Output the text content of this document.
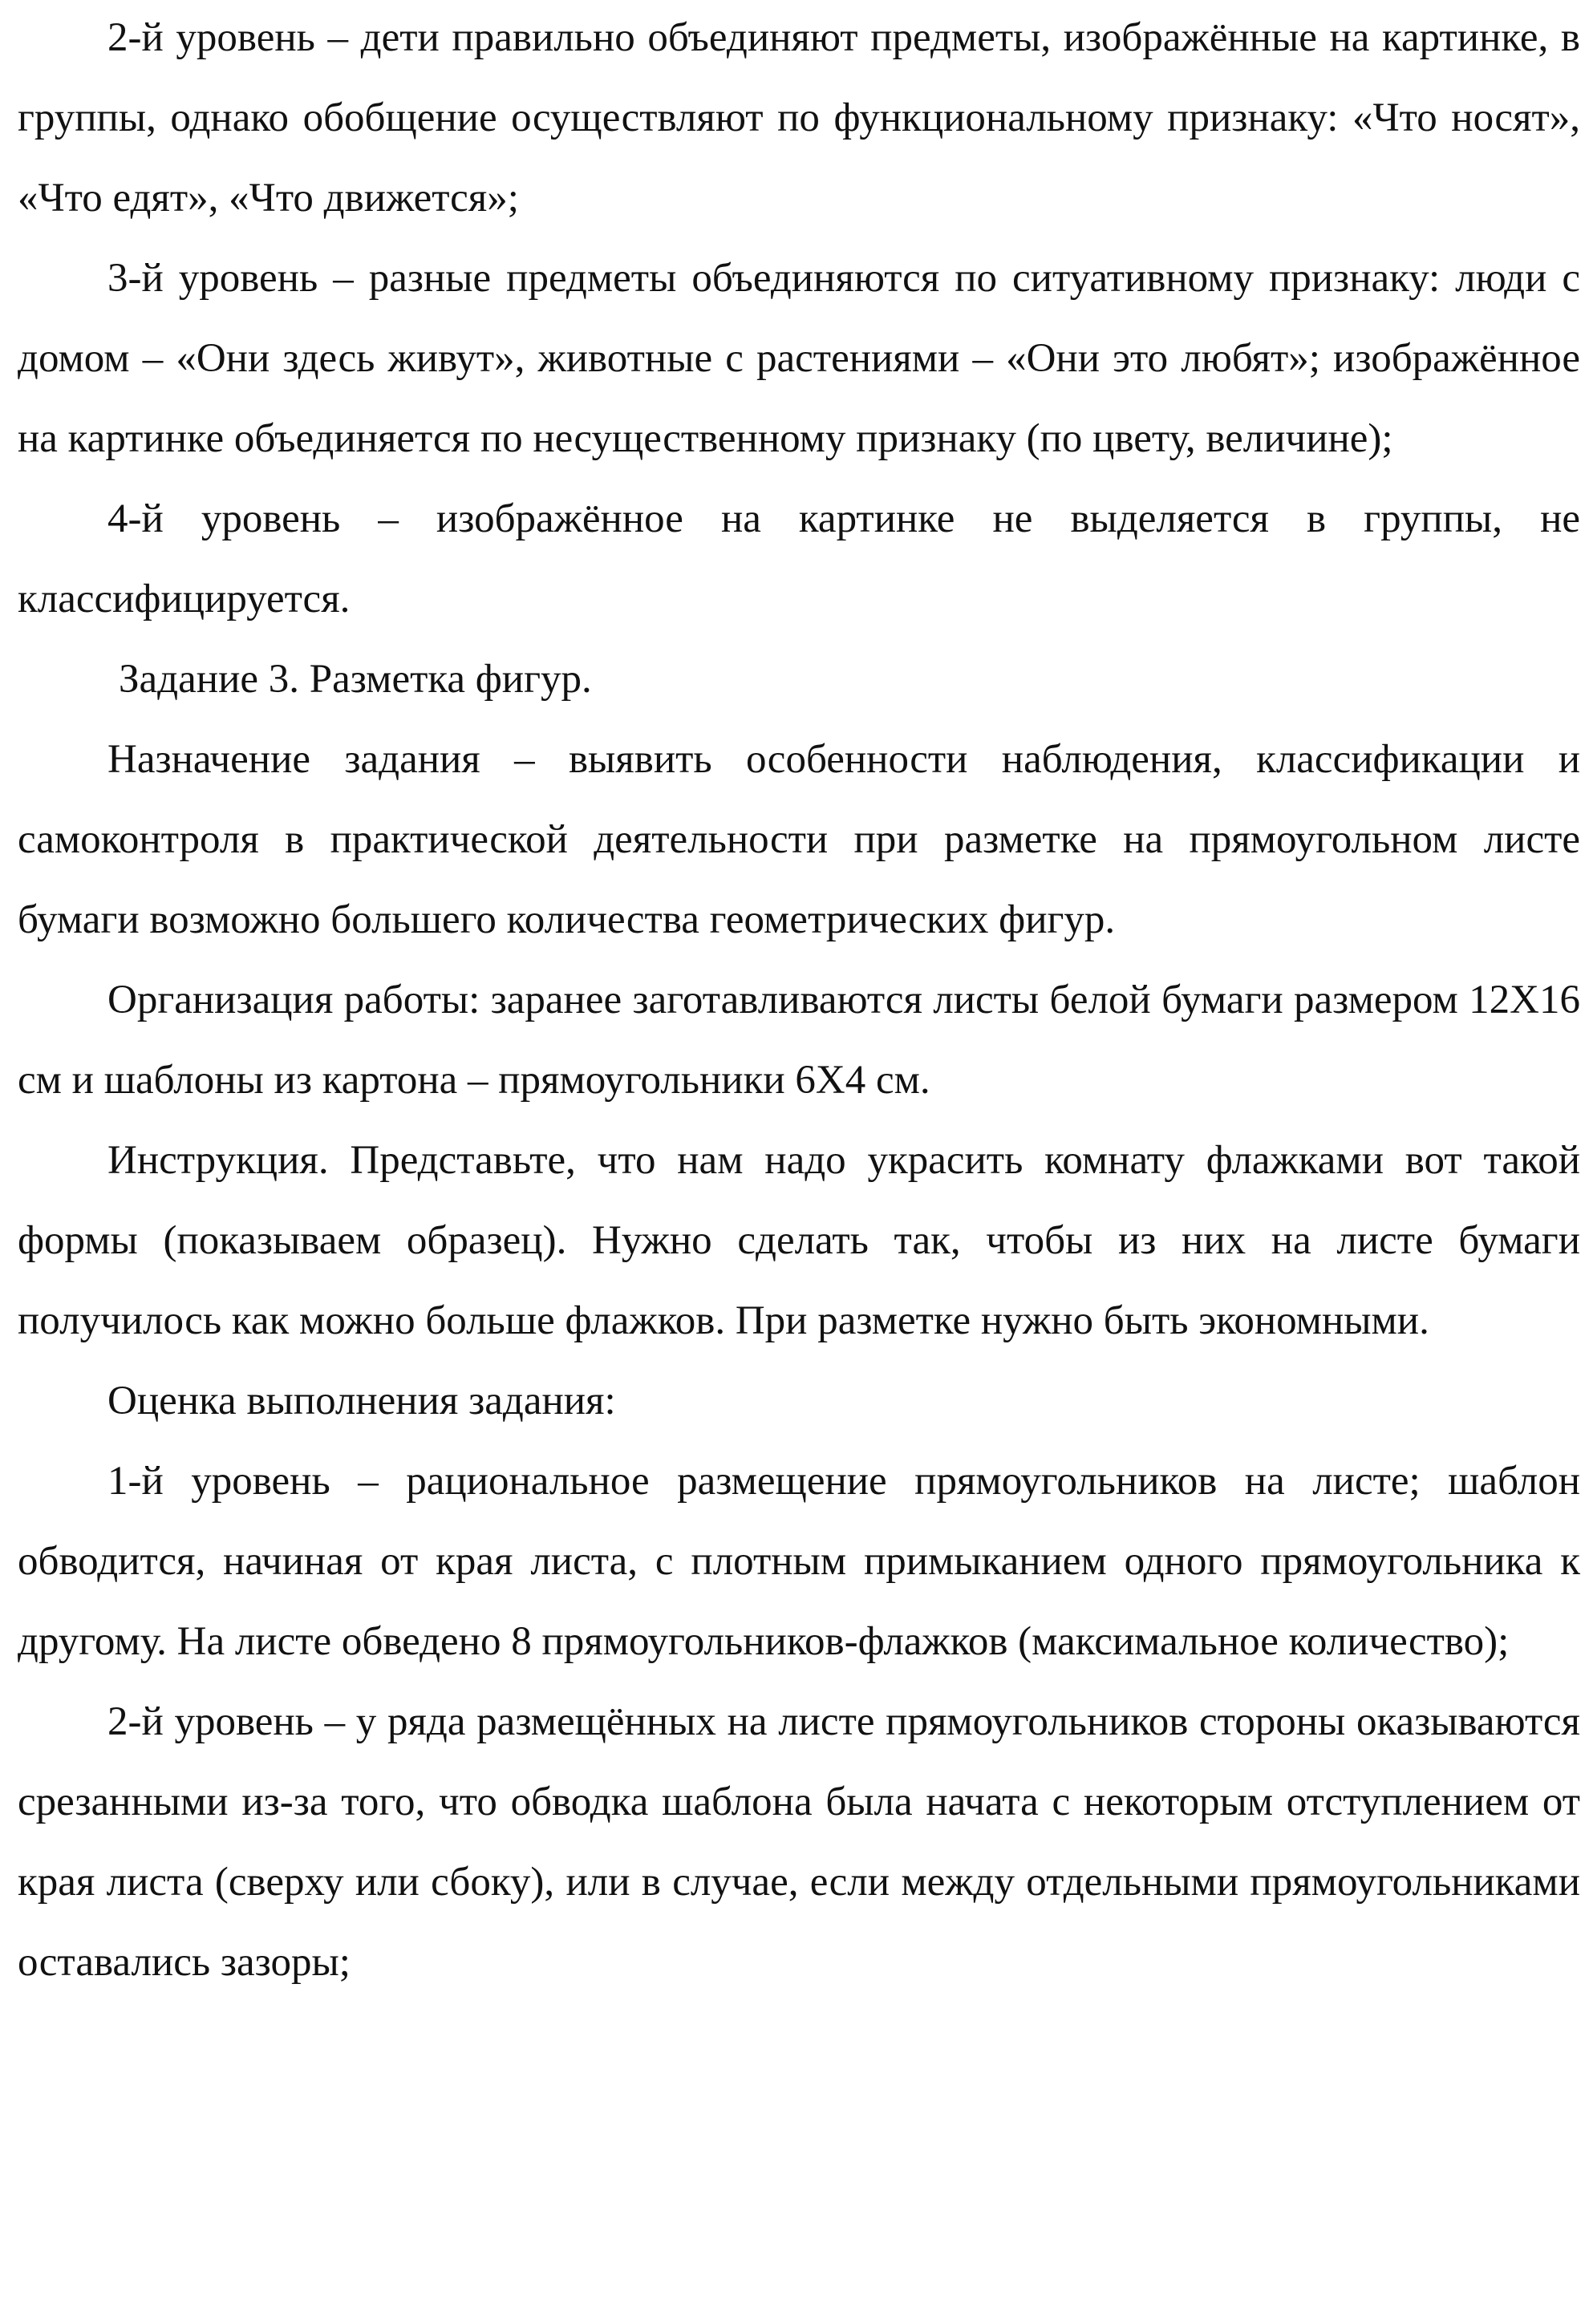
2-й уровень – дети правильно объединяют предметы, изображённые на картинке, в группы, однако обобщение осуществляют по функциональному признаку: «Что носят», «Что едят», «Что движется»;

3-й уровень – разные предметы объединяются по ситуативному признаку: люди с домом – «Они здесь живут», животные с растениями – «Они это любят»; изображённое на картинке объединяется по несущественному признаку (по цвету, величине);

4-й уровень – изображённое на картинке не выделяется в группы, не классифицируется.

Задание 3. Разметка фигур.

Назначение задания – выявить особенности наблюдения, классификации и самоконтроля в практической деятельности при разметке на прямоугольном листе бумаги возможно большего количества геометрических фигур.

Организация работы: заранее заготавливаются листы белой бумаги размером 12Х16 см и шаблоны из картона – прямоугольники 6Х4 см.

Инструкция. Представьте, что нам надо украсить комнату флажками вот такой формы (показываем образец). Нужно сделать так, чтобы из них на листе бумаги получилось как можно больше флажков. При разметке нужно быть экономными.

Оценка выполнения задания:

1-й уровень – рациональное размещение прямоугольников на листе; шаблон обводится, начиная от края листа, с плотным примыканием одного прямоугольника к другому. На листе обведено 8 прямоугольников-флажков (максимальное количество);

2-й уровень – у ряда размещённых на листе прямоугольников стороны оказываются срезанными из-за того, что обводка шаблона была начата с некоторым отступлением от края листа (сверху или сбоку), или в случае, если между отдельными прямоугольниками оставались зазоры;
